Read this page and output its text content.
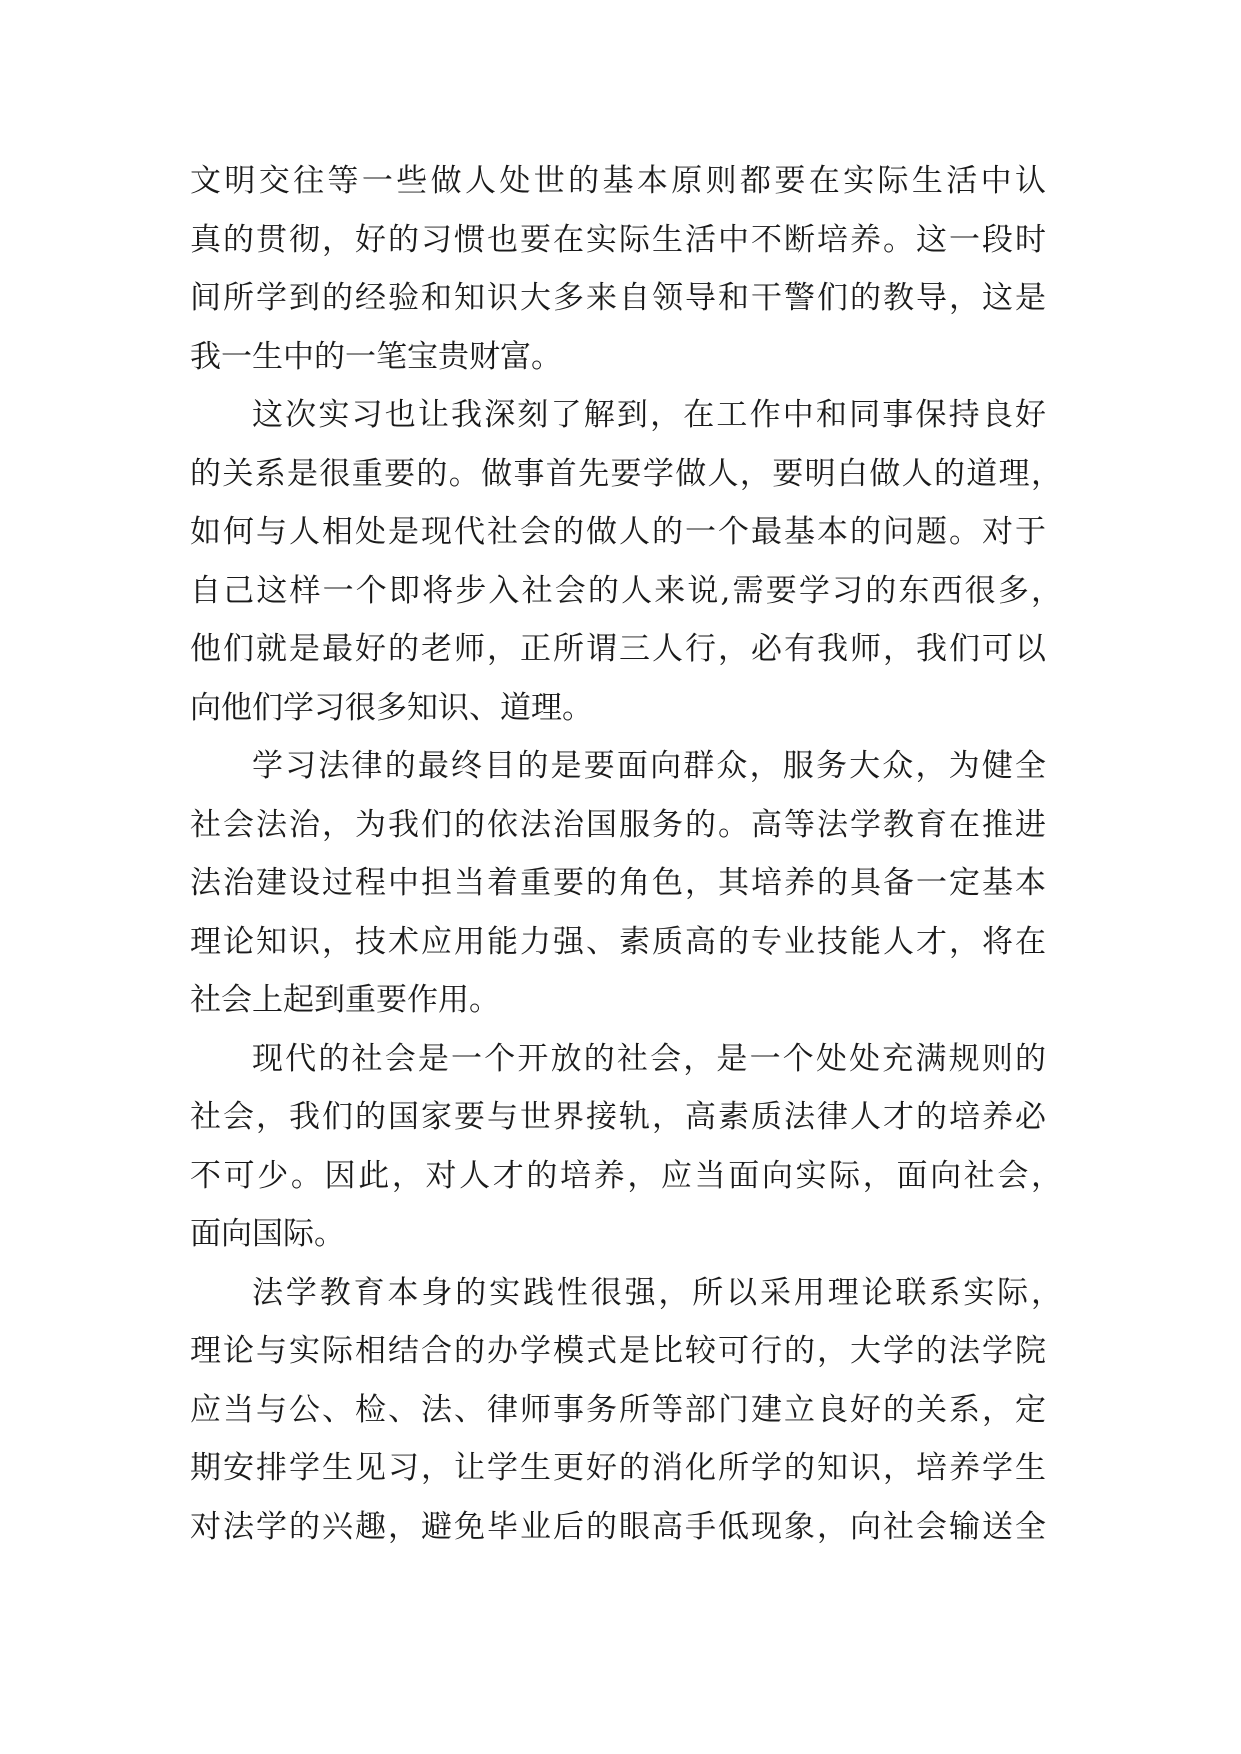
文明交往等一些做人处世的基本原则都要在实际生活中认
真的贯彻，好的习惯也要在实际生活中不断培养。这一段时
间所学到的经验和知识大多来自领导和干警们的教导，这是
我一生中的一笔宝贵财富。
这次实习也让我深刻了解到，在工作中和同事保持良好
的关系是很重要的。做事首先要学做人，要明白做人的道理，
如何与人相处是现代社会的做人的一个最基本的问题。对于
自己这样一个即将步入社会的人来说,需要学习的东西很多，
他们就是最好的老师，正所谓三人行，必有我师，我们可以
向他们学习很多知识、道理。
学习法律的最终目的是要面向群众，服务大众，为健全
社会法治，为我们的依法治国服务的。高等法学教育在推进
法治建设过程中担当着重要的角色，其培养的具备一定基本
理论知识，技术应用能力强、素质高的专业技能人才，将在
社会上起到重要作用。
现代的社会是一个开放的社会，是一个处处充满规则的
社会，我们的国家要与世界接轨，高素质法律人才的培养必
不可少。因此，对人才的培养，应当面向实际，面向社会，
面向国际。
法学教育本身的实践性很强，所以采用理论联系实际，
理论与实际相结合的办学模式是比较可行的，大学的法学院
应当与公、检、法、律师事务所等部门建立良好的关系，定
期安排学生见习，让学生更好的消化所学的知识，培养学生
对法学的兴趣，避免毕业后的眼高手低现象，向社会输送全
